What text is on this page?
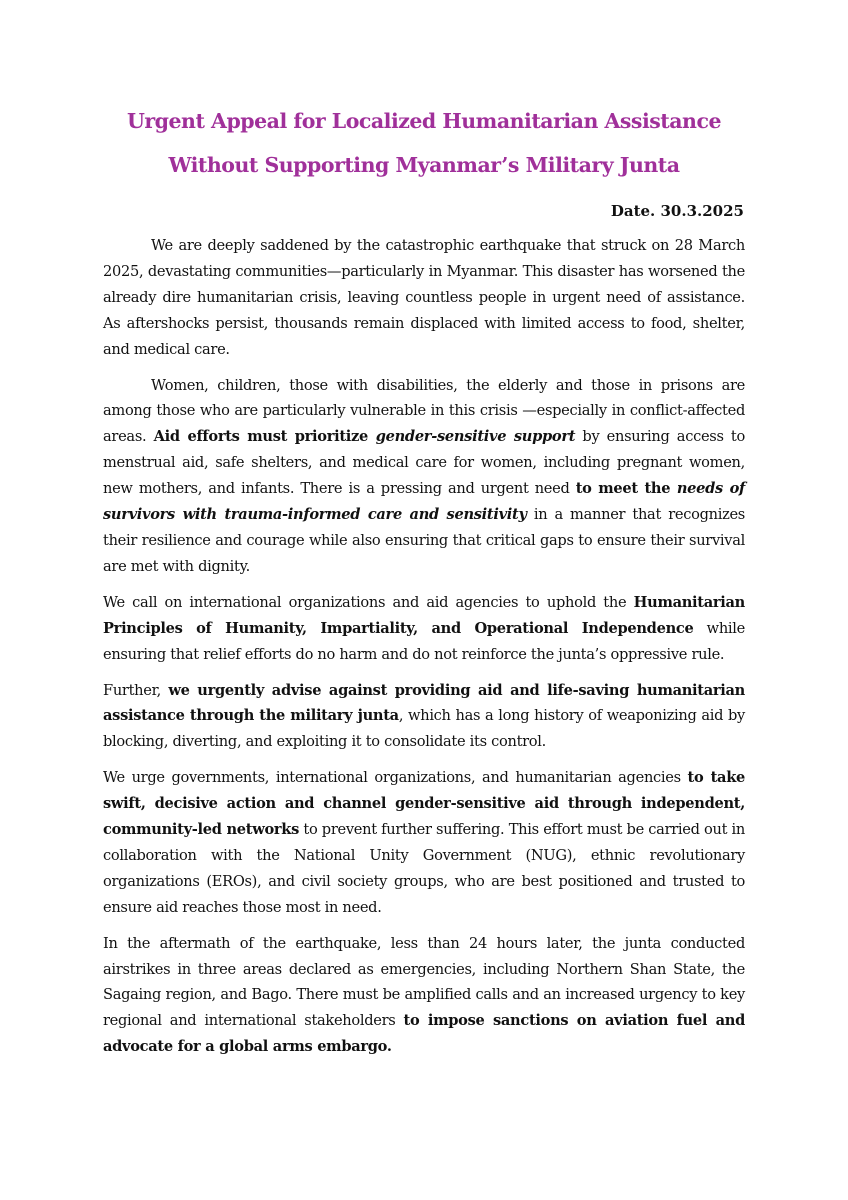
Urgent Appeal for Localized Humanitarian Assistance
Without Supporting Myanmar’s Military Junta
Date. 30.3.2025

We are deeply saddened by the catastrophic earthquake that struck on 28 March 2025, devastating communities—particularly in Myanmar. This disaster has worsened the already dire humanitarian crisis, leaving countless people in urgent need of assistance. As aftershocks persist, thousands remain displaced with limited access to food, shelter, and medical care.

Women, children, those with disabilities, the elderly and those in prisons are among those who are particularly vulnerable in this crisis —especially in conflict-affected areas. Aid efforts must prioritize gender-sensitive support by ensuring access to menstrual aid, safe shelters, and medical care for women, including pregnant women, new mothers, and infants. There is a pressing and urgent need to meet the needs of survivors with trauma-informed care and sensitivity in a manner that recognizes their resilience and courage while also ensuring that critical gaps to ensure their survival are met with dignity.

We call on international organizations and aid agencies to uphold the Humanitarian Principles of Humanity, Impartiality, and Operational Independence while ensuring that relief efforts do no harm and do not reinforce the junta’s oppressive rule.

Further, we urgently advise against providing aid and life-saving humanitarian assistance through the military junta, which has a long history of weaponizing aid by blocking, diverting, and exploiting it to consolidate its control.

We urge governments, international organizations, and humanitarian agencies to take swift, decisive action and channel gender-sensitive aid through independent, community-led networks to prevent further suffering. This effort must be carried out in collaboration with the National Unity Government (NUG), ethnic revolutionary organizations (EROs), and civil society groups, who are best positioned and trusted to ensure aid reaches those most in need.

In the aftermath of the earthquake, less than 24 hours later, the junta conducted airstrikes in three areas declared as emergencies, including Northern Shan State, the Sagaing region, and Bago. There must be amplified calls and an increased urgency to key regional and international stakeholders to impose sanctions on aviation fuel and advocate for a global arms embargo.
